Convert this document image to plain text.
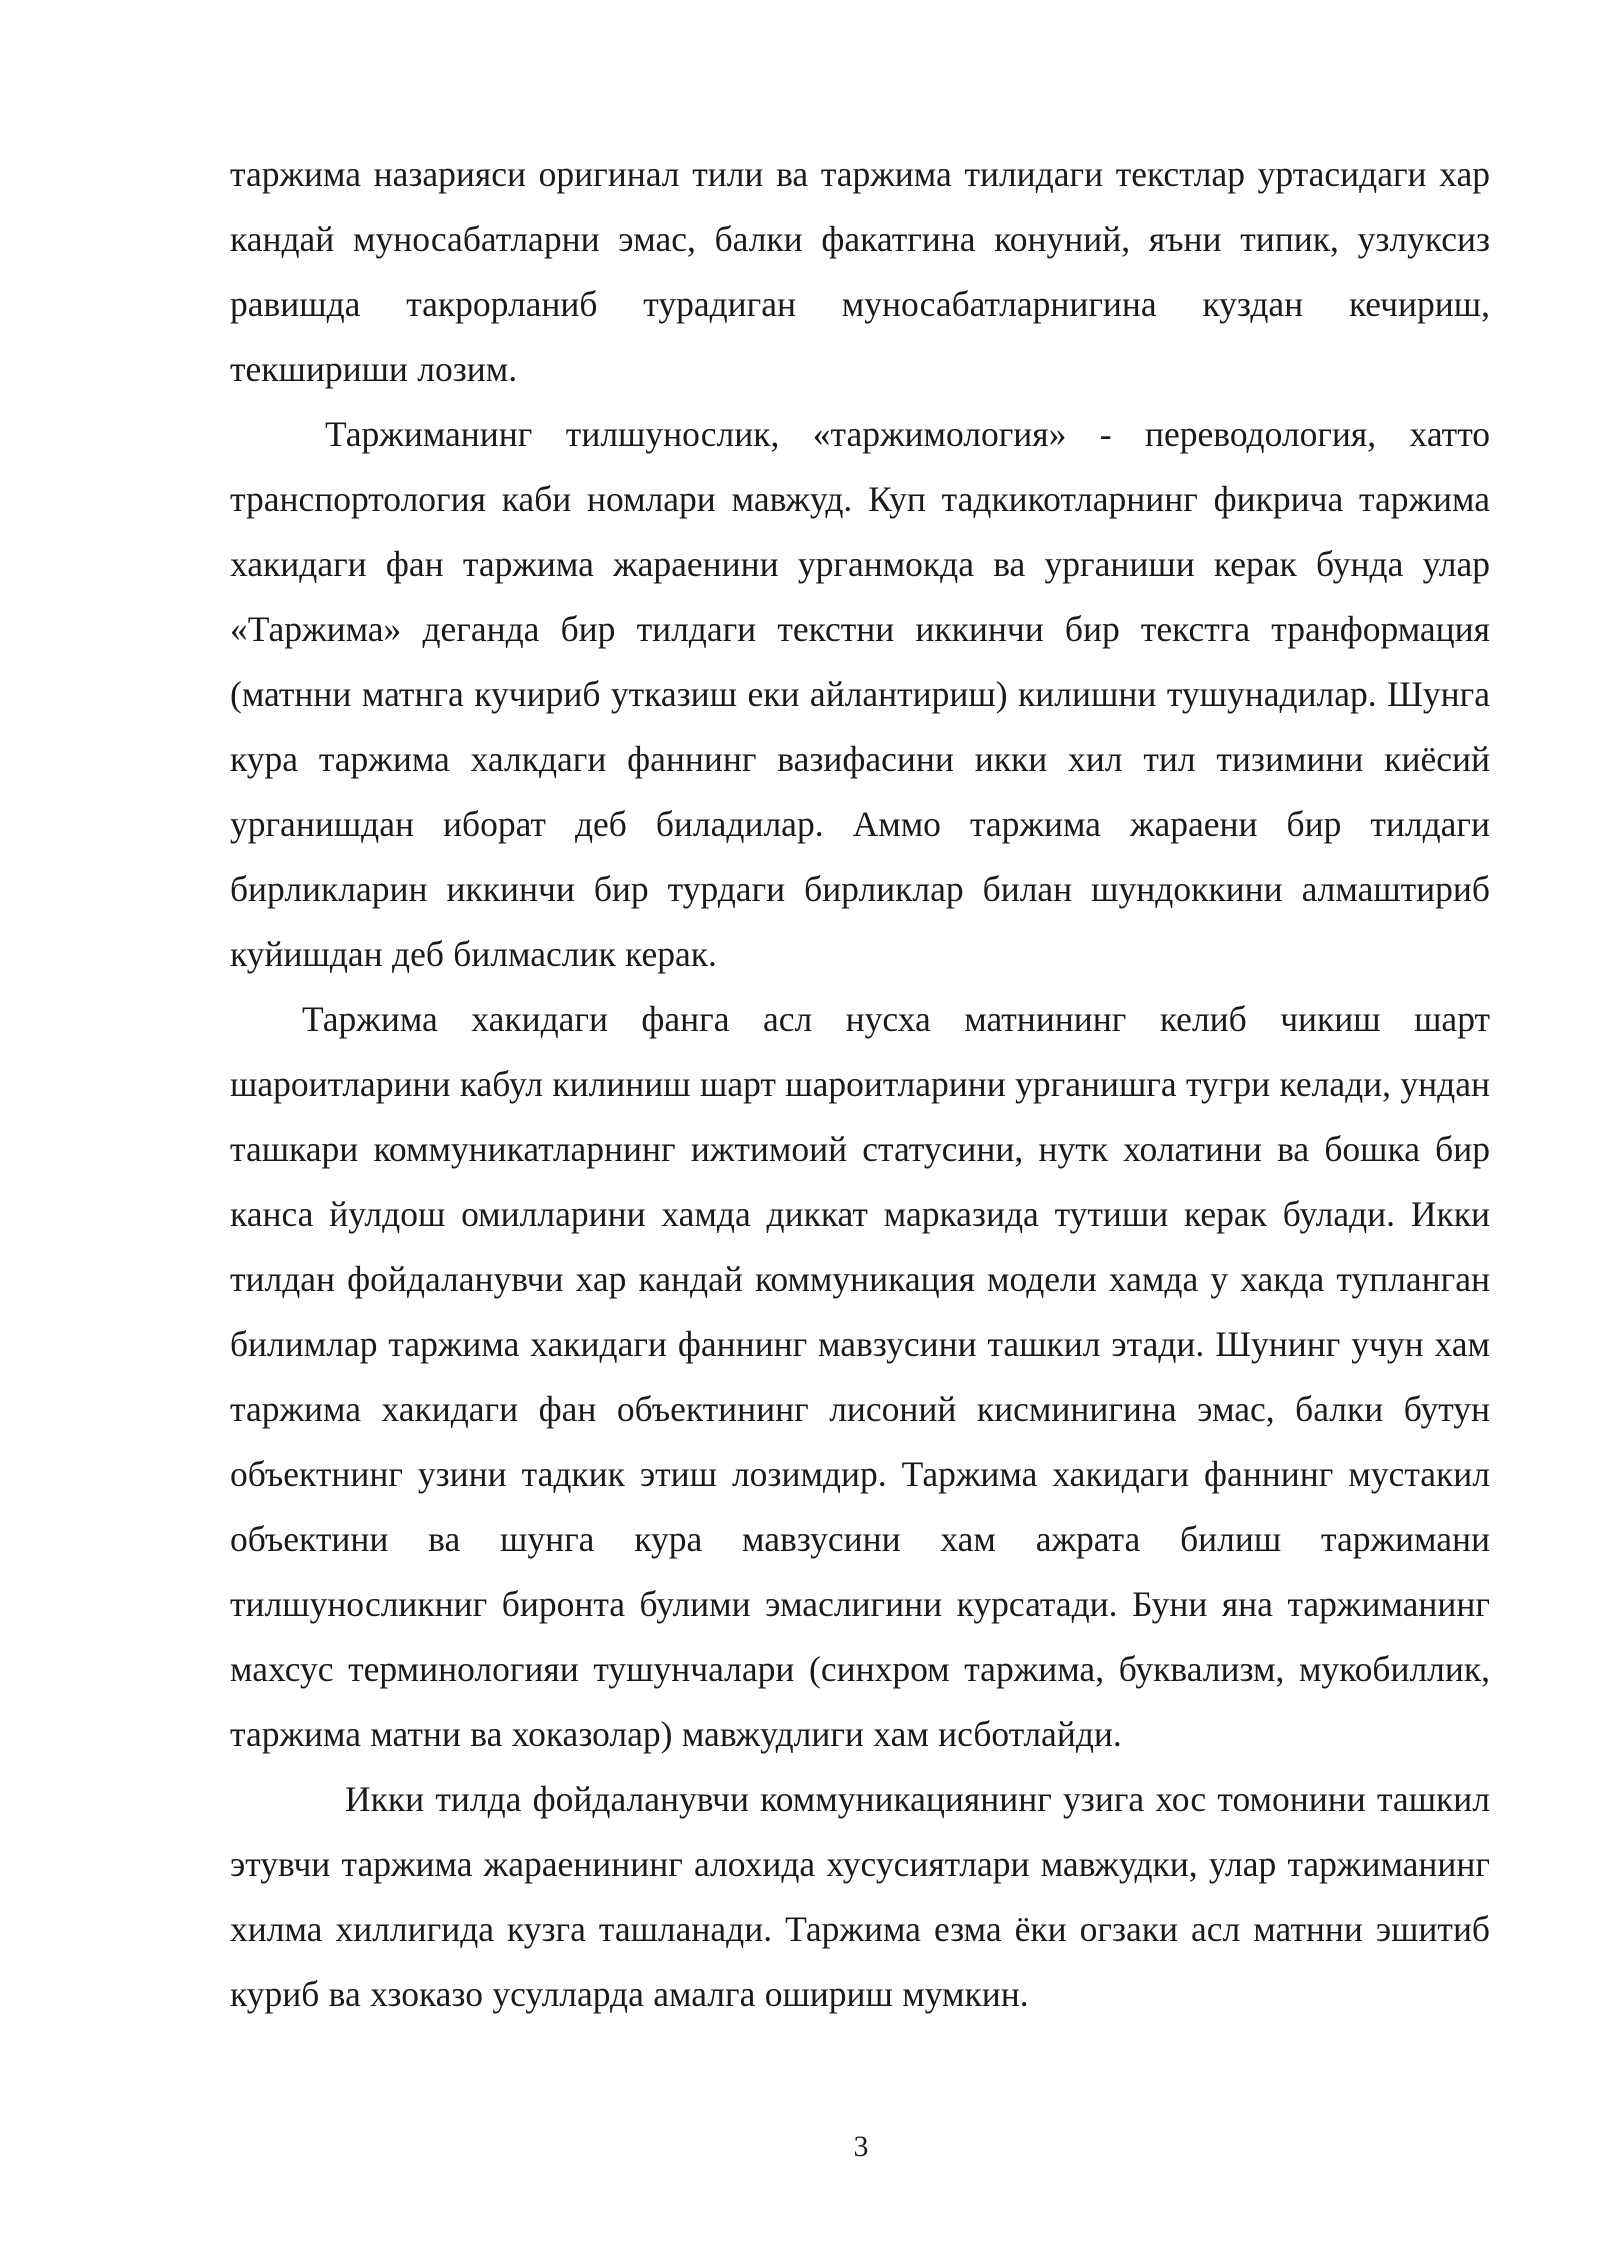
таржима назарияси оригинал тили ва таржима тилидаги текстлар уртасидаги хар кандай муносабатларни эмас, балки факатгина конуний, яъни типик, узлуксиз равишда такрорланиб турадиган муносабатларнигина куздан кечириш, текшириши лозим.

Таржиманинг тилшунослик, «таржимология» - переводология, хатто транспортология каби номлари мавжуд. Куп тадкикотларнинг фикрича таржима хакидаги фан таржима жараенини урганмокда ва урганиши керак бунда улар «Таржима» деганда бир тилдаги текстни иккинчи бир текстга транформация (матнни матнга кучириб утказиш еки айлантириш) килишни тушунадилар. Шунга кура таржима халкдаги фаннинг вазифасини икки хил тил тизимини киёсий урганишдан иборат деб биладилар. Аммо таржима жараени бир тилдаги бирликларин иккинчи бир турдаги бирликлар билан шундоккини алмаштириб куйишдан деб билмаслик керак.

Таржима хакидаги фанга асл нусха матнининг келиб чикиш шарт шароитларини кабул килиниш шарт шароитларини урганишга тугри келади, ундан ташкари коммуникатларнинг ижтимоий статусини, нутк холатини ва бошка бир канса йулдош омилларини хамда диккат марказида тутиши керак булади. Икки тилдан фойдаланувчи хар кандай коммуникация модели хамда у хакда тупланган билимлар таржима хакидаги фаннинг мавзусини ташкил этади. Шунинг учун хам таржима хакидаги фан объектининг лисоний кисминигина эмас, балки бутун объектнинг узини тадкик этиш лозимдир. Таржима хакидаги фаннинг мустакил объектини ва шунга кура мавзусини хам ажрата билиш таржимани тилшуносликниг биронта булими эмаслигини курсатади. Буни яна таржиманинг махсус терминологияи тушунчалари (синхром таржима, буквализм, мукобиллик, таржима матни ва хоказолар) мавжудлиги хам исботлайди.

Икки тилда фойдаланувчи коммуникациянинг узига хос томонини ташкил этувчи таржима жараенининг алохида хусусиятлари мавжудки, улар таржиманинг хилма хиллигида кузга ташланади. Таржима езма ёки огзаки асл матнни эшитиб куриб ва хзоказо усулларда амалга ошириш мумкин.

3
